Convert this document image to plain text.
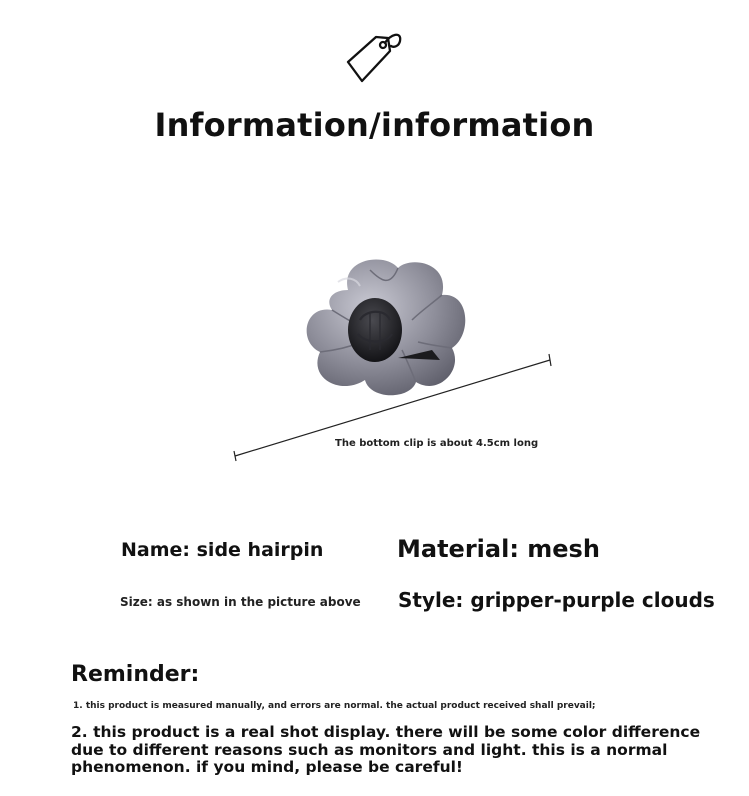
Information/information
The bottom clip is about 4.5cm long
Name: side hairpin	Material: mesh
Size: as shown in the picture above Style: gripper-purple clouds
Reminder:
1. this product is measured manually, and errors are normal. the actual product received shall prevail;
2. this product is a real shot display. there will be some color difference due to different reasons such as monitors and light. this is a normal phenomenon. if you mind, please be careful!
